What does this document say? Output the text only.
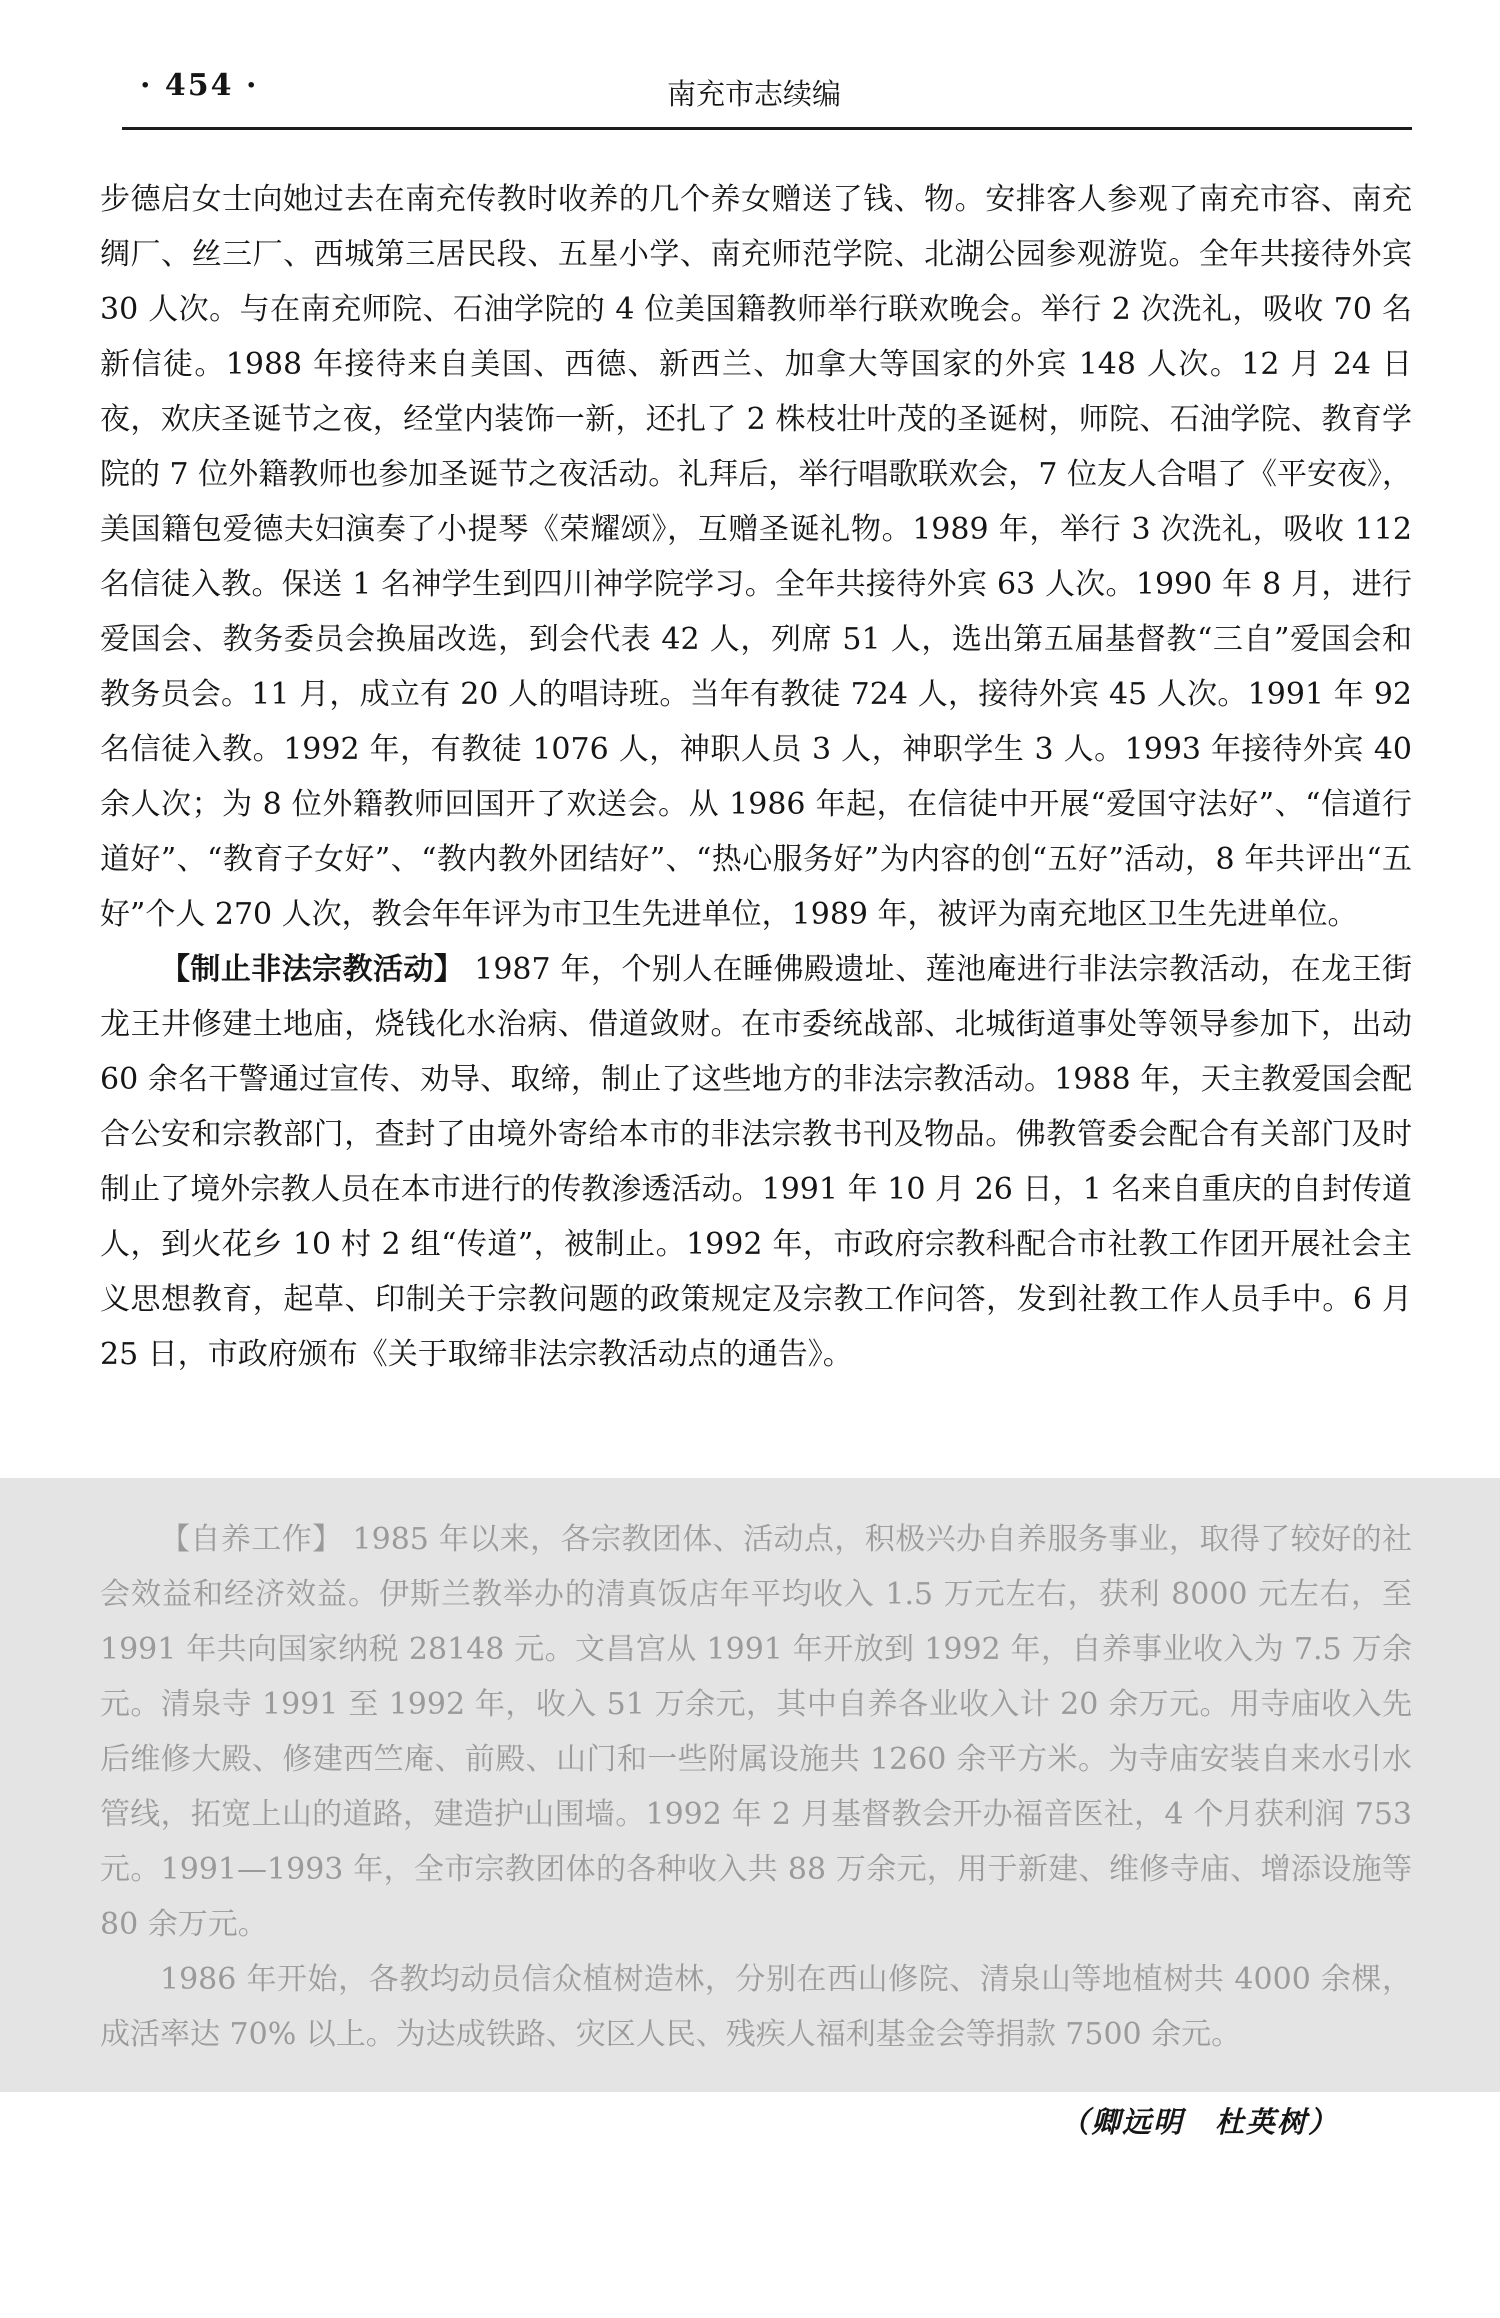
· 454 ·	南充市志续编

步德启女士向她过去在南充传教时收养的几个养女赠送了钱、物。安排客人参观了南充市容、南充绸厂、丝三厂、西城第三居民段、五星小学、南充师范学院、北湖公园参观游览。全年共接待外宾 30 人次。与在南充师院、石油学院的 4 位美国籍教师举行联欢晚会。举行 2 次洗礼，吸收 70 名新信徒。1988 年接待来自美国、西德、新西兰、加拿大等国家的外宾 148 人次。12 月 24 日夜，欢庆圣诞节之夜，经堂内装饰一新，还扎了 2 株枝壮叶茂的圣诞树，师院、石油学院、教育学院的 7 位外籍教师也参加圣诞节之夜活动。礼拜后，举行唱歌联欢会，7 位友人合唱了《平安夜》，美国籍包爱德夫妇演奏了小提琴《荣耀颂》，互赠圣诞礼物。1989 年，举行 3 次洗礼，吸收 112 名信徒入教。保送 1 名神学生到四川神学院学习。全年共接待外宾 63 人次。1990 年 8 月，进行爱国会、教务委员会换届改选，到会代表 42 人，列席 51 人，选出第五届基督教“三自”爱国会和教务员会。11 月，成立有 20 人的唱诗班。当年有教徒 724 人，接待外宾 45 人次。1991 年 92 名信徒入教。1992 年，有教徒 1076 人，神职人员 3 人，神职学生 3 人。1993 年接待外宾 40 余人次；为 8 位外籍教师回国开了欢送会。从 1986 年起，在信徒中开展“爱国守法好”、“信道行道好”、“教育子女好”、“教内教外团结好”、“热心服务好”为内容的创“五好”活动，8 年共评出“五好”个人 270 人次，教会年年评为市卫生先进单位，1989 年，被评为南充地区卫生先进单位。

【制止非法宗教活动】 1987 年，个别人在睡佛殿遗址、莲池庵进行非法宗教活动，在龙王街龙王井修建土地庙，烧钱化水治病、借道敛财。在市委统战部、北城街道事处等领导参加下，出动 60 余名干警通过宣传、劝导、取缔，制止了这些地方的非法宗教活动。1988 年，天主教爱国会配合公安和宗教部门，查封了由境外寄给本市的非法宗教书刊及物品。佛教管委会配合有关部门及时制止了境外宗教人员在本市进行的传教渗透活动。1991 年 10 月 26 日，1 名来自重庆的自封传道人，到火花乡 10 村 2 组“传道”，被制止。1992 年，市政府宗教科配合市社教工作团开展社会主义思想教育，起草、印制关于宗教问题的政策规定及宗教工作问答，发到社教工作人员手中。6 月 25 日，市政府颁布《关于取缔非法宗教活动点的通告》。

【自养工作】 1985 年以来，各宗教团体、活动点，积极兴办自养服务事业，取得了较好的社会效益和经济效益。伊斯兰教举办的清真饭店年平均收入 1.5 万元左右，获利 8000 元左右，至 1991 年共向国家纳税 28148 元。文昌宫从 1991 年开放到 1992 年，自养事业收入为 7.5 万余元。清泉寺 1991 至 1992 年，收入 51 万余元，其中自养各业收入计 20 余万元。用寺庙收入先后维修大殿、修建西竺庵、前殿、山门和一些附属设施共 1260 余平方米。为寺庙安装自来水引水管线，拓宽上山的道路，建造护山围墙。1992 年 2 月基督教会开办福音医社，4 个月获利润 753 元。1991—1993 年，全市宗教团体的各种收入共 88 万余元，用于新建、维修寺庙、增添设施等 80 余万元。

1986 年开始，各教均动员信众植树造林，分别在西山修院、清泉山等地植树共 4000 余棵，成活率达 70% 以上。为达成铁路、灾区人民、残疾人福利基金会等捐款 7500 余元。

（卿远明　杜英树）
